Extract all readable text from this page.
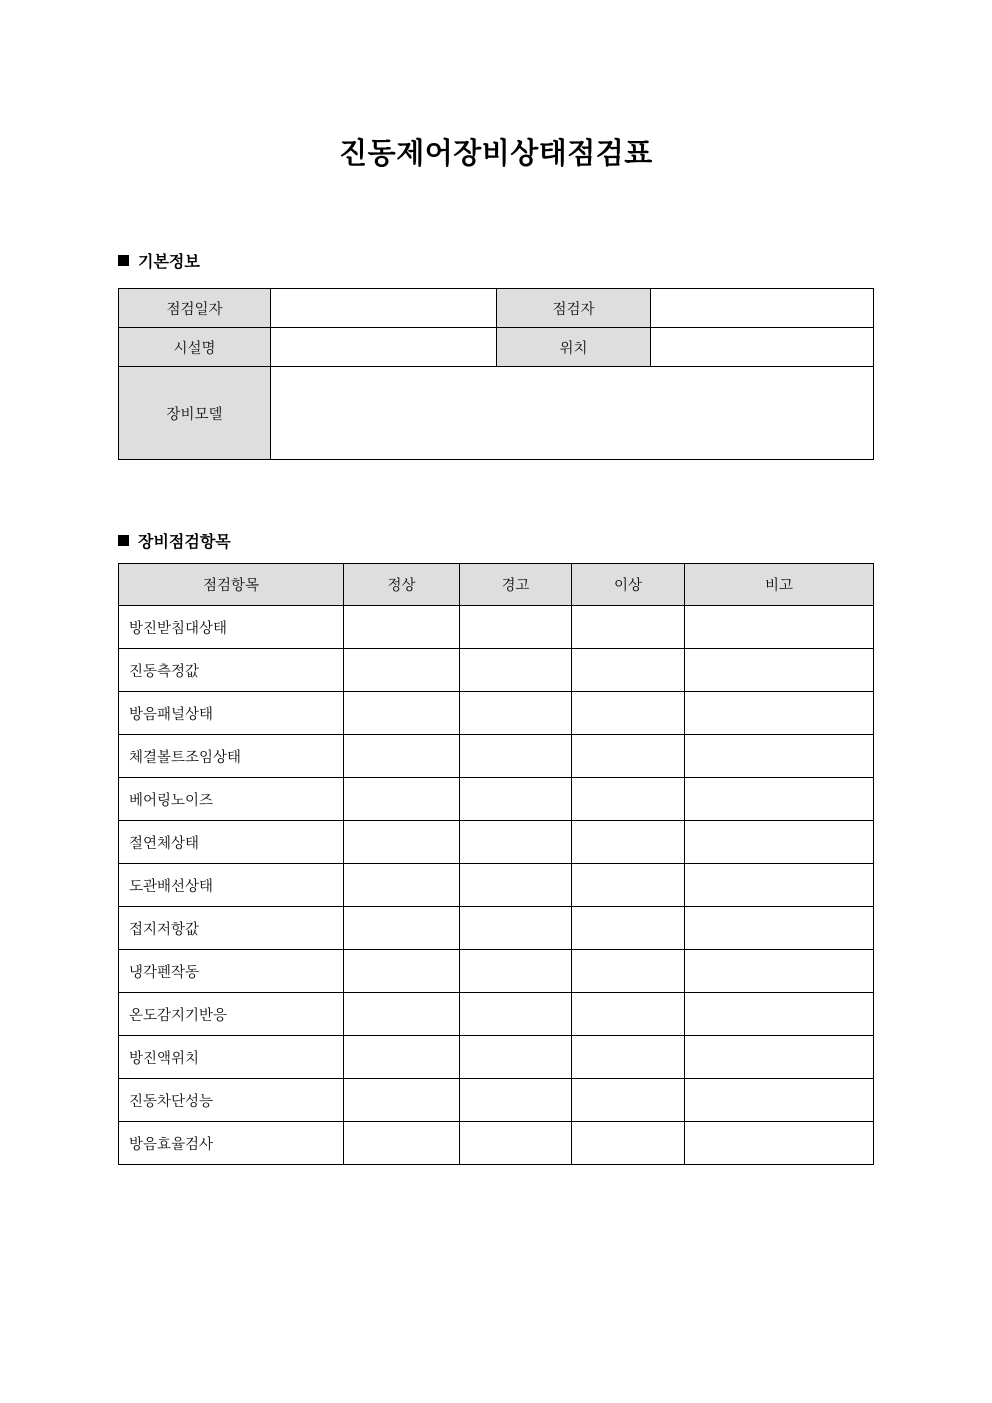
진동제어장비상태점검표
기본정보
점검일자		점검자	
시설명		위치	
장비모델			
장비점검항목
점검항목	정상	경고	이상	비고
방진받침대상태				
진동측정값				
방음패널상태				
체결볼트조임상태				
베어링노이즈				
절연체상태				
도관배선상태				
접지저항값				
냉각펜작동				
온도감지기반응				
방진액위치				
진동차단성능				
방음효율검사				
